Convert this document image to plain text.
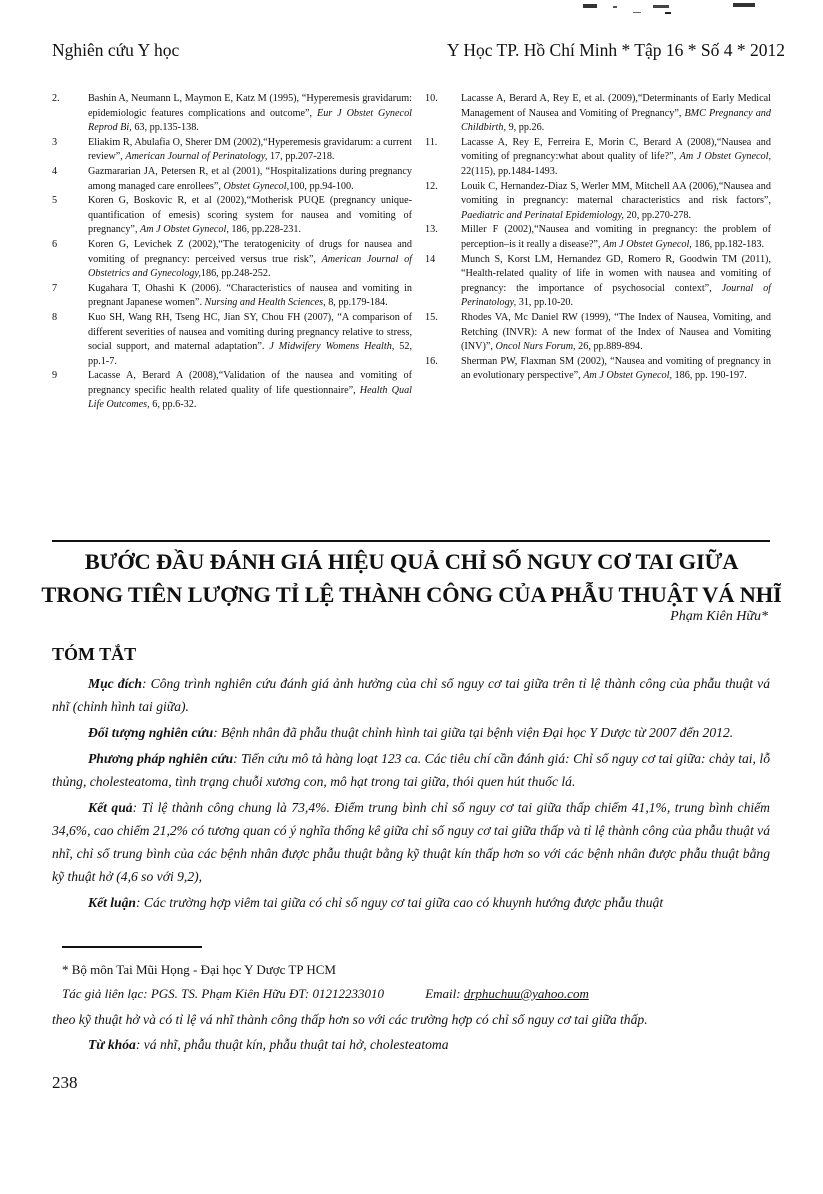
Nghiên cứu Y học	Y Học TP. Hồ Chí Minh * Tập 16 * Số 4 * 2012
2.	Bashin A, Neumann L, Maymon E, Katz M (1995), “Hyperemesis gravidarum: epidemiologic features complications and outcome”, Eur J Obstet Gynecol Reprod Bi, 63, pp.135-138.
3	Eliakim R, Abulafia O, Sherer DM (2002),“Hyperemesis gravidarum: a current review”, American Journal of Perinatology, 17, pp.207-218.
4	Gazmararian JA, Petersen R, et al (2001), “Hospitalizations during pregnancy among managed care enrollees”, Obstet Gynecol,100, pp.94-100.
5	Koren G, Boskovic R, et al (2002),“Motherisk PUQE (pregnancy unique-quantification of emesis) scoring system for nausea and vomiting of pregnancy”, Am J Obstet Gynecol, 186, pp.228-231.
6	Koren G, Levichek Z (2002),“The teratogenicity of drugs for nausea and vomiting of pregnancy: perceived versus true risk”, American Journal of Obstetrics and Gynecology,186, pp.248-252.
7	Kugahara T, Ohashi K (2006). “Characteristics of nausea and vomiting in pregnant Japanese women”. Nursing and Health Sciences, 8, pp.179-184.
8	Kuo SH, Wang RH, Tseng HC, Jian SY, Chou FH (2007), “A comparison of different severities of nausea and vomiting during pregnancy relative to stress, social support, and maternal adaptation”. J Midwifery Womens Health, 52, pp.1-7.
9	Lacasse A, Berard A (2008),“Validation of the nausea and vomiting of pregnancy specific health related quality of life questionnaire”, Health Qual Life Outcomes, 6, pp.6-32.
10.	Lacasse A, Berard A, Rey E, et al. (2009),“Determinants of Early Medical Management of Nausea and Vomiting of Pregnancy”, BMC Pregnancy and Childbirth, 9, pp.26.
11.	Lacasse A, Rey E, Ferreira E, Morin C, Berard A (2008),“Nausea and vomiting of pregnancy:what about quality of life?”, Am J Obstet Gynecol, 22(115), pp.1484-1493.
12.	Louik C, Hernandez-Diaz S, Werler MM, Mitchell AA (2006),“Nausea and vomiting in pregnancy: maternal characteristics and risk factors”, Paediatric and Perinatal Epidemiology, 20, pp.270-278.
13.	Miller F (2002),“Nausea and vomiting in pregnancy: the problem of perception–is it really a disease?”, Am J Obstet Gynecol, 186, pp.182-183.
14	Munch S, Korst LM, Hernandez GD, Romero R, Goodwin TM (2011), “Health-related quality of life in women with nausea and vomiting of pregnancy: the importance of psychosocial context”, Journal of Perinatology, 31, pp.10-20.
15.	Rhodes VA, Mc Daniel RW (1999), “The Index of Nausea, Vomiting, and Retching (INVR): A new format of the Index of Nausea and Vomiting (INV)”, Oncol Nurs Forum, 26, pp.889-894.
16.	Sherman PW, Flaxman SM (2002), “Nausea and vomiting of pregnancy in an evolutionary perspective”, Am J Obstet Gynecol, 186, pp. 190-197.
BƯỚC ĐẦU ĐÁNH GIÁ HIỆU QUẢ CHỈ SỐ NGUY CƠ TAI GIỮA
TRONG TIÊN LƯỢNG TỈ LỆ THÀNH CÔNG CỦA PHẪU THUẬT VÁ NHĨ
Phạm Kiên Hữu*
TÓM TẮT

Mục đích: Công trình nghiên cứu đánh giá ảnh hưởng của chỉ số nguy cơ tai giữa trên tỉ lệ thành công của phẫu thuật vá nhĩ (chỉnh hình tai giữa).

Đối tượng nghiên cứu: Bệnh nhân đã phẫu thuật chỉnh hình tai giữa tại bệnh viện Đại học Y Dược từ 2007 đến 2012.

Phương pháp nghiên cứu: Tiến cứu mô tả hàng loạt 123 ca. Các tiêu chí cần đánh giá: Chỉ số nguy cơ tai giữa: chảy tai, lỗ thủng, cholesteatoma, tình trạng chuỗi xương con, mô hạt trong tai giữa, thói quen hút thuốc lá.

Kết quả: Tỉ lệ thành công chung là 73,4%. Điểm trung bình chỉ số nguy cơ tai giữa thấp chiếm 41,1%, trung bình chiếm 34,6%, cao chiếm 21,2% có tương quan có ý nghĩa thống kê giữa chỉ số nguy cơ tai giữa thấp và tỉ lệ thành công của phẫu thuật vá nhĩ, chỉ số trung bình của các bệnh nhân được phẫu thuật bằng kỹ thuật kín thấp hơn so với các bệnh nhân được phẫu thuật bằng kỹ thuật hở (4,6 so với 9,2),

Kết luận: Các trường hợp viêm tai giữa có chỉ số nguy cơ tai giữa cao có khuynh hướng được phẫu thuật

* Bộ môn Tai Mũi Họng - Đại học Y Dược TP HCM
Tác giả liên lạc: PGS. TS. Phạm Kiên Hữu ĐT: 01212233010	Email: drphuchuu@yahoo.com
theo kỹ thuật hở và có tỉ lệ vá nhĩ thành công thấp hơn so với các trường hợp có chỉ số nguy cơ tai giữa thấp.
Từ khóa: vá nhĩ, phẫu thuật kín, phẫu thuật tai hở, cholesteatoma
238
